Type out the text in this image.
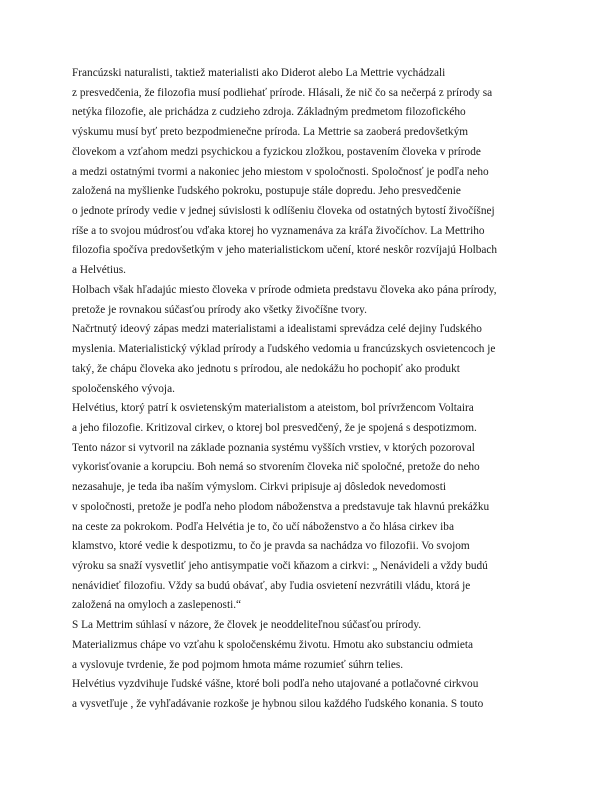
Francúzski naturalisti, taktiež materialisti ako Diderot alebo La Mettrie vychádzali
z presvedčenia, že filozofia musí podliehať prírode. Hlásali, že nič čo sa nečerpá z prírody sa
netýka filozofie, ale prichádza z cudzieho zdroja. Základným predmetom filozofického
výskumu musí byť preto bezpodmienečne príroda. La Mettrie sa zaoberá predovšetkým
človekom a vzťahom medzi psychickou a fyzickou zložkou, postavením človeka v prírode
a medzi ostatnými tvormi a nakoniec jeho miestom v spoločnosti. Spoločnosť je podľa neho
založená na myšlienke ľudského pokroku, postupuje stále dopredu. Jeho presvedčenie
o jednote prírody vedie v jednej súvislosti k odlíšeniu človeka od ostatných bytostí živočíšnej
ríše a to svojou múdrosťou vďaka ktorej ho vyznamenáva za kráľa živočíchov. La Mettriho
filozofia spočíva predovšetkým v jeho materialistickom učení, ktoré neskôr rozvíjajú Holbach
a Helvétius.
Holbach však hľadajúc miesto človeka v prírode odmieta predstavu človeka ako pána prírody,
pretože je rovnakou súčasťou prírody ako všetky živočíšne tvory.
Načrtnutý ideový zápas medzi materialistami a idealistami sprevádza celé dejiny ľudského
myslenia. Materialistický výklad prírody a ľudského vedomia u francúzskych osvietencoch je
taký, že chápu človeka ako jednotu s prírodou, ale nedokážu ho pochopiť ako produkt
spoločenského vývoja.
Helvétius, ktorý patrí k osvietenským materialistom a ateistom, bol prívržencom Voltaira
a jeho filozofie. Kritizoval cirkev, o ktorej bol presvedčený, že je spojená s despotizmom.
Tento názor si vytvoril na základe poznania systému vyšších vrstiev, v ktorých pozoroval
vykorisťovanie a korupciu. Boh nemá so stvorením človeka nič spoločné, pretože do neho
nezasahuje, je teda iba naším výmyslom. Cirkvi pripisuje aj dôsledok nevedomosti
v spoločnosti, pretože je podľa neho plodom náboženstva a predstavuje tak hlavnú prekážku
na ceste za pokrokom. Podľa Helvétia je to, čo učí náboženstvo a čo hlása cirkev iba
klamstvo, ktoré vedie k despotizmu, to čo je pravda sa nachádza vo filozofii. Vo svojom
výroku sa snaží vysvetliť jeho antisympatie voči kňazom a cirkvi: „ Nenávideli a vždy budú
nenávidieť filozofiu. Vždy sa budú obávať, aby ľudia osvietení nezvrátili vládu, ktorá je
založená na omyloch a zaslepenosti.“
S La Mettrim súhlasí v názore, že človek je neoddeliteľnou súčasťou prírody.
Materializmus chápe vo vzťahu k spoločenskému životu. Hmotu ako substanciu odmieta
a vyslovuje tvrdenie, že pod pojmom hmota máme rozumieť súhrn telies.
Helvétius vyzdvihuje ľudské vášne, ktoré boli podľa neho utajované a potlačovné cirkvou
a vysvetľuje , že vyhľadávanie rozkoše je hybnou silou každého ľudského konania. S touto
